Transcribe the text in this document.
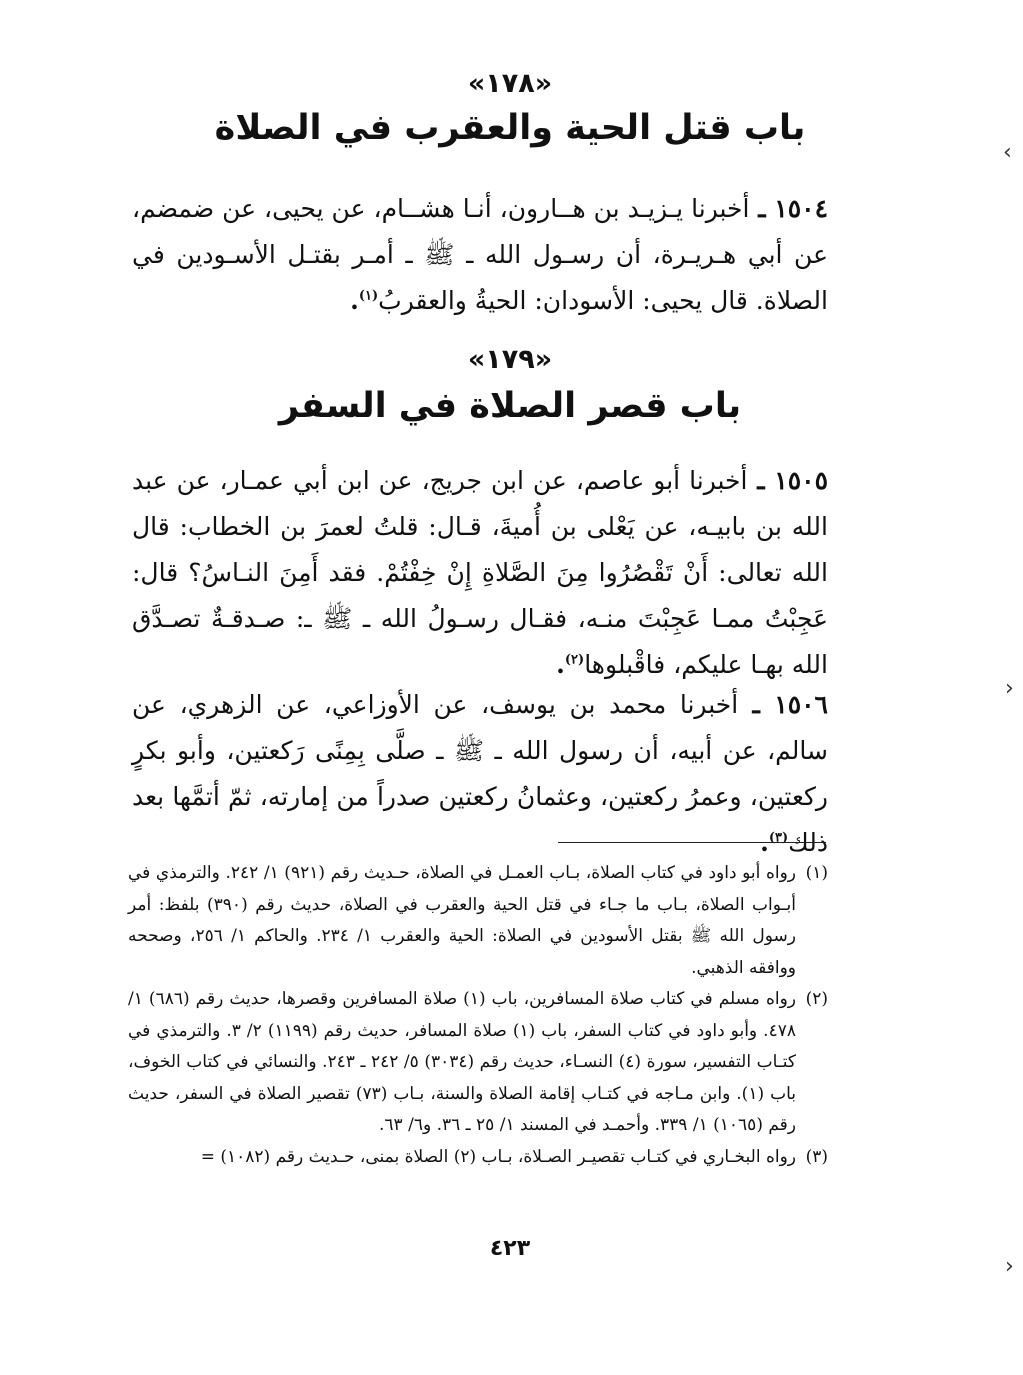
«١٧٨»
باب قتل الحية والعقرب في الصلاة
١٥٠٤ ـ أخبرنا يـزيـد بن هــارون، أنـا هشــام، عن يحيى، عن ضمضم، عن أبي هـريـرة، أن رسـول الله ـ ﷺ ـ أمـر بقتـل الأسـودين في الصلاة. قال يحيى: الأسودان: الحيةُ والعقربُ$^{(١)}$.
«١٧٩»
باب قصر الصلاة في السفر
١٥٠٥ ـ أخبرنا أبو عاصم، عن ابن جريج، عن ابن أبي عمـار، عن عبد الله بن بابيـه، عن يَعْلى بن أُميةَ، قـال: قلتُ لعمرَ بن الخطاب: قال الله تعالى: أَنْ تَقْصُرُوا مِنَ الصَّلاةِ إِنْ خِفْتُمْ. فقد أَمِنَ النـاسُ؟ قال: عَجِبْتُ ممـا عَجِبْتَ منـه، فقـال رسـولُ الله ـ ﷺ ـ: صـدقـةٌ تصـدَّق الله بهـا عليكم، فاقْبلوها$^{(٢)}$.
١٥٠٦ ـ أخبرنا محمد بن يوسف، عن الأوزاعي، عن الزهري، عن سالم، عن أبيه، أن رسول الله ـ ﷺ ـ صلَّى بِمِنًى رَكعتين، وأبو بكرٍ ركعتين، وعمرُ ركعتين، وعثمانُ ركعتين صدراً من إمارته، ثمّ أتمَّها بعد ذلك$^{(٣)}$.

(١)
رواه أبو داود في كتاب الصلاة، بـاب العمـل في الصلاة، حـديث رقم (٩٢١) ١/ ٢٤٢. والترمذي في أبـواب الصلاة، بـاب ما جـاء في قتل الحية والعقرب في الصلاة، حديث رقم (٣٩٠) بلفظ: أمر رسول الله ﷺ بقتل الأسودين في الصلاة: الحية والعقرب ١/ ٢٣٤. والحاكم ١/ ٢٥٦، وصححه ووافقه الذهبي.

(٢)
رواه مسلم في كتاب صلاة المسافرين، باب (١) صلاة المسافرين وقصرها، حديث رقم (٦٨٦) ١/ ٤٧٨. وأبو داود في كتاب السفر، باب (١) صلاة المسافر، حديث رقم (١١٩٩) ٢/ ٣. والترمذي في كتـاب التفسير، سورة (٤) النسـاء، حديث رقم (٣٠٣٤) ٥/ ٢٤٢ ـ ٢٤٣. والنسائي في كتاب الخوف، باب (١). وابن مـاجه في كتـاب إقامة الصلاة والسنة، بـاب (٧٣) تقصير الصلاة في السفر، حديث رقم (١٠٦٥) ١/ ٣٣٩. وأحمـد في المسند ١/ ٢٥ ـ ٣٦. و٦/ ٦٣.

(٣)
رواه البخـاري في كتـاب تقصيـر الصـلاة، بـاب (٢) الصلاة بمنى، حـديث رقم (١٠٨٢) =

٤٢٣
‹
›
›
